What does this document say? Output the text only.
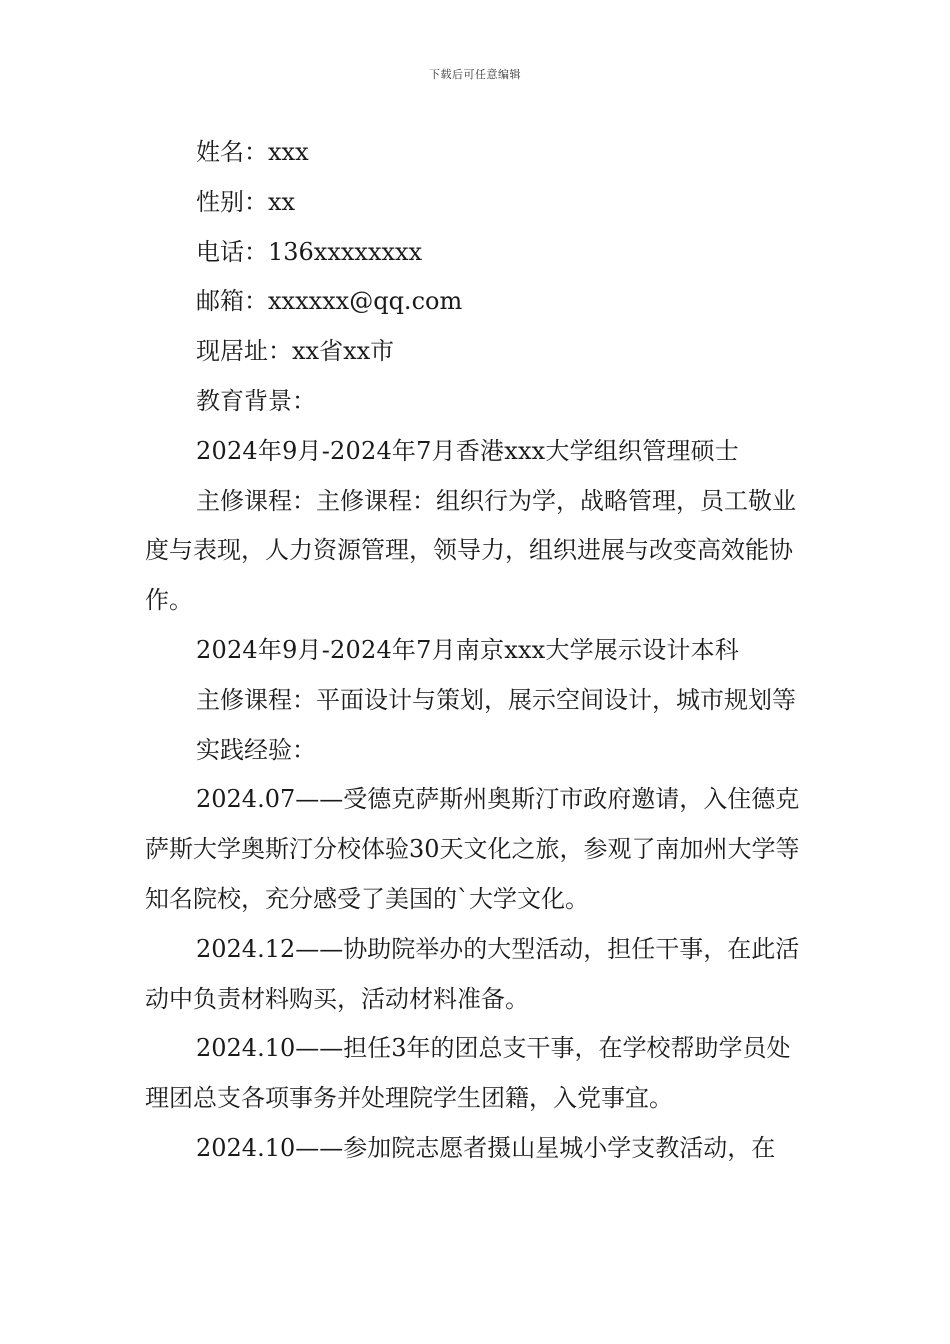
下载后可任意编辑

姓名：xxx

性别：xx

电话：136xxxxxxxx

邮箱：xxxxxx@qq.com

现居址：xx省xx市

教育背景：

2024年9月-2024年7月香港xxx大学组织管理硕士

主修课程：主修课程：组织行为学，战略管理，员工敬业度与表现，人力资源管理，领导力，组织进展与改变高效能协作。

2024年9月-2024年7月南京xxx大学展示设计本科

主修课程：平面设计与策划，展示空间设计，城市规划等

实践经验：

2024.07——受德克萨斯州奥斯汀市政府邀请，入住德克萨斯大学奥斯汀分校体验30天文化之旅，参观了南加州大学等知名院校，充分感受了美国的`大学文化。

2024.12——协助院举办的大型活动，担任干事，在此活动中负责材料购买，活动材料准备。

2024.10——担任3年的团总支干事，在学校帮助学员处理团总支各项事务并处理院学生团籍，入党事宜。

2024.10——参加院志愿者摄山星城小学支教活动，在
